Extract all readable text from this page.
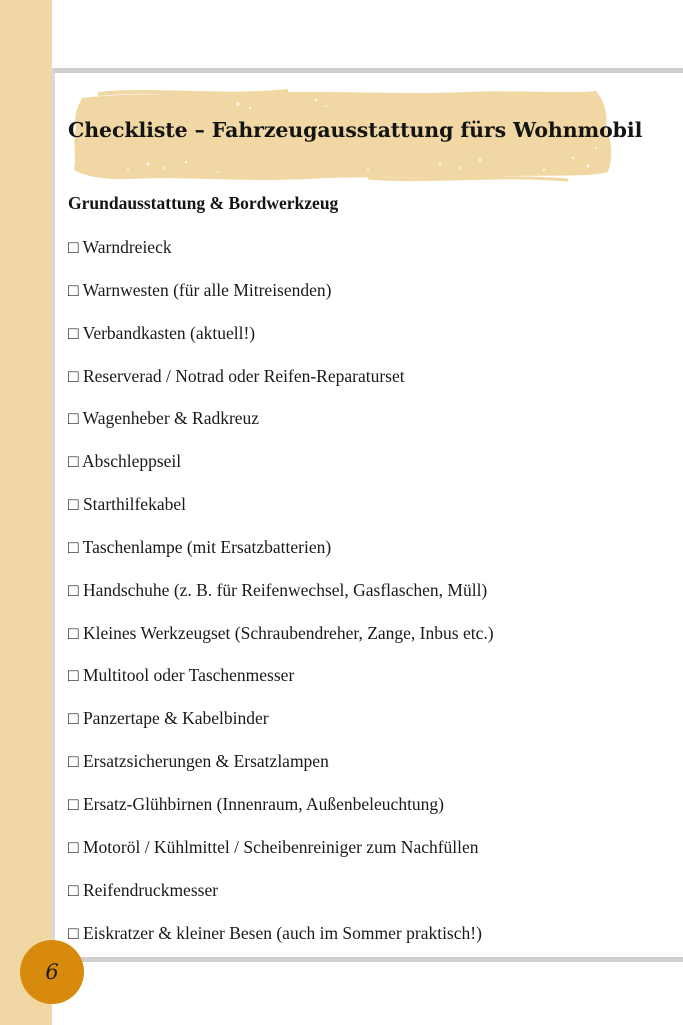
Checkliste – Fahrzeugausstattung fürs Wohnmobil
Grundausstattung & Bordwerkzeug
□ Warndreieck
□ Warnwesten (für alle Mitreisenden)
□ Verbandkasten (aktuell!)
□ Reserverad / Notrad oder Reifen-Reparaturset
□ Wagenheber & Radkreuz
□ Abschleppseil
□ Starthilfekabel
□ Taschenlampe (mit Ersatzbatterien)
□ Handschuhe (z. B. für Reifenwechsel, Gasflaschen, Müll)
□ Kleines Werkzeugset (Schraubendreher, Zange, Inbus etc.)
□ Multitool oder Taschenmesser
□ Panzertape & Kabelbinder
□ Ersatzsicherungen & Ersatzlampen
□ Ersatz-Glühbirnen (Innenraum, Außenbeleuchtung)
□ Motoröl / Kühlmittel / Scheibenreiniger zum Nachfüllen
□ Reifendruckmesser
□ Eiskratzer & kleiner Besen (auch im Sommer praktisch!)
6
